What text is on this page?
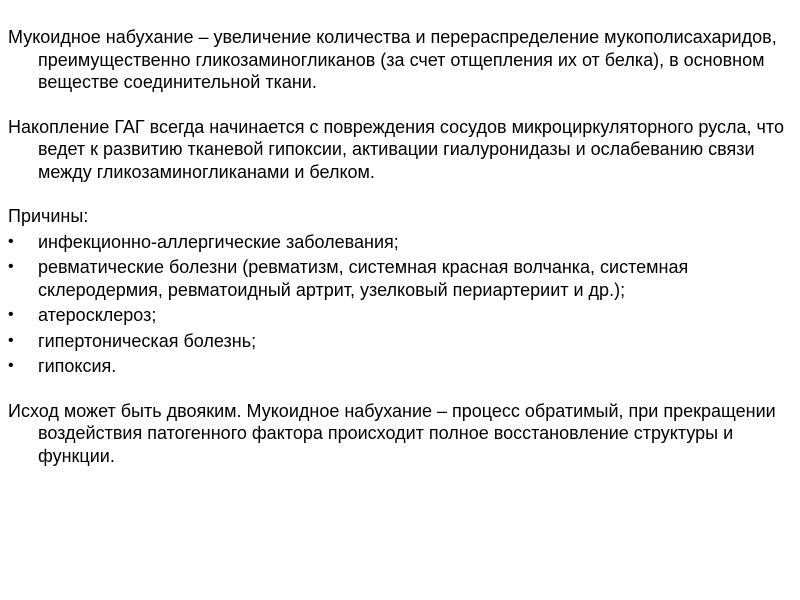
Мукоидное набухание – увеличение количества и перераспределение мукополисахаридов, преимущественно гликозаминогликанов (за счет отщепления их от белка), в основном веществе соединительной ткани.

Накопление ГАГ всегда начинается с повреждения сосудов микроциркуляторного русла, что ведет к развитию тканевой гипоксии, активации гиалуронидазы и ослабеванию связи между гликозаминогликанами и белком.

Причины:

• инфекционно-аллергические заболевания;
• ревматические болезни (ревматизм, системная красная волчанка, системная склеродермия, ревматоидный артрит, узелковый периартериит и др.);
• атеросклероз;
• гипертоническая болезнь;
• гипоксия.

Исход может быть двояким. Мукоидное набухание – процесс обратимый, при прекращении воздействия патогенного фактора происходит полное восстановление структуры и функции.
